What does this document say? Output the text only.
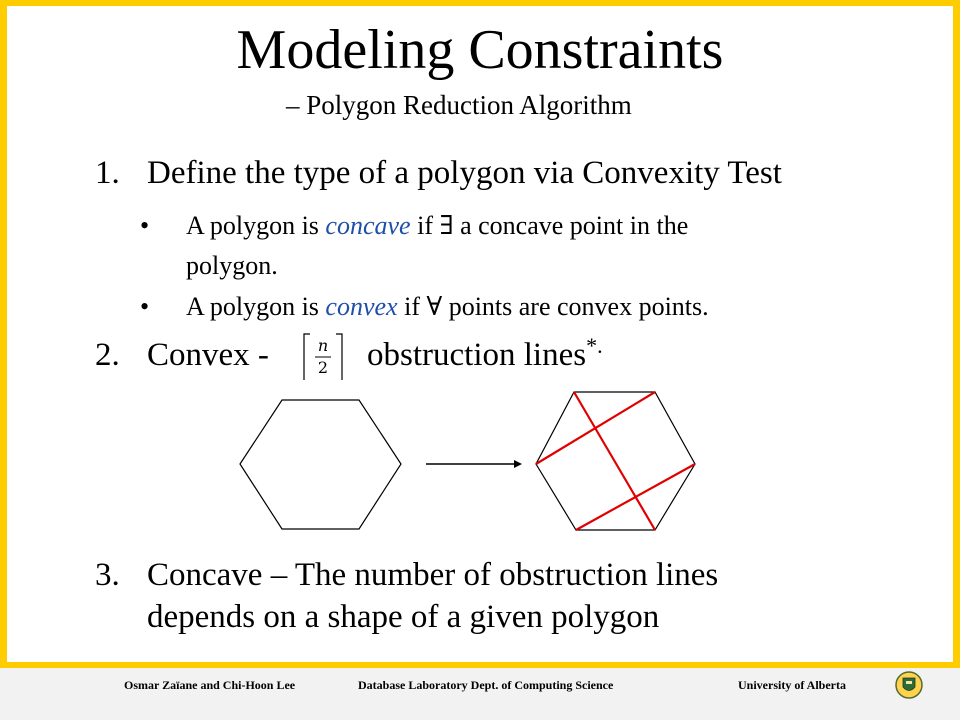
Modeling Constraints
– Polygon Reduction Algorithm
1. Define the type of a polygon via Convexity Test
• A polygon is concave if ∃ a concave point in the
polygon.
• A polygon is convex if ∀ points are convex points.
2. Convex -	obstruction lines*.
n
2
3. Concave – The number of obstruction lines
depends on a shape of a given polygon
Osmar Zaïane and Chi-Hoon Lee	Database Laboratory Dept. of Computing Science	University of Alberta
